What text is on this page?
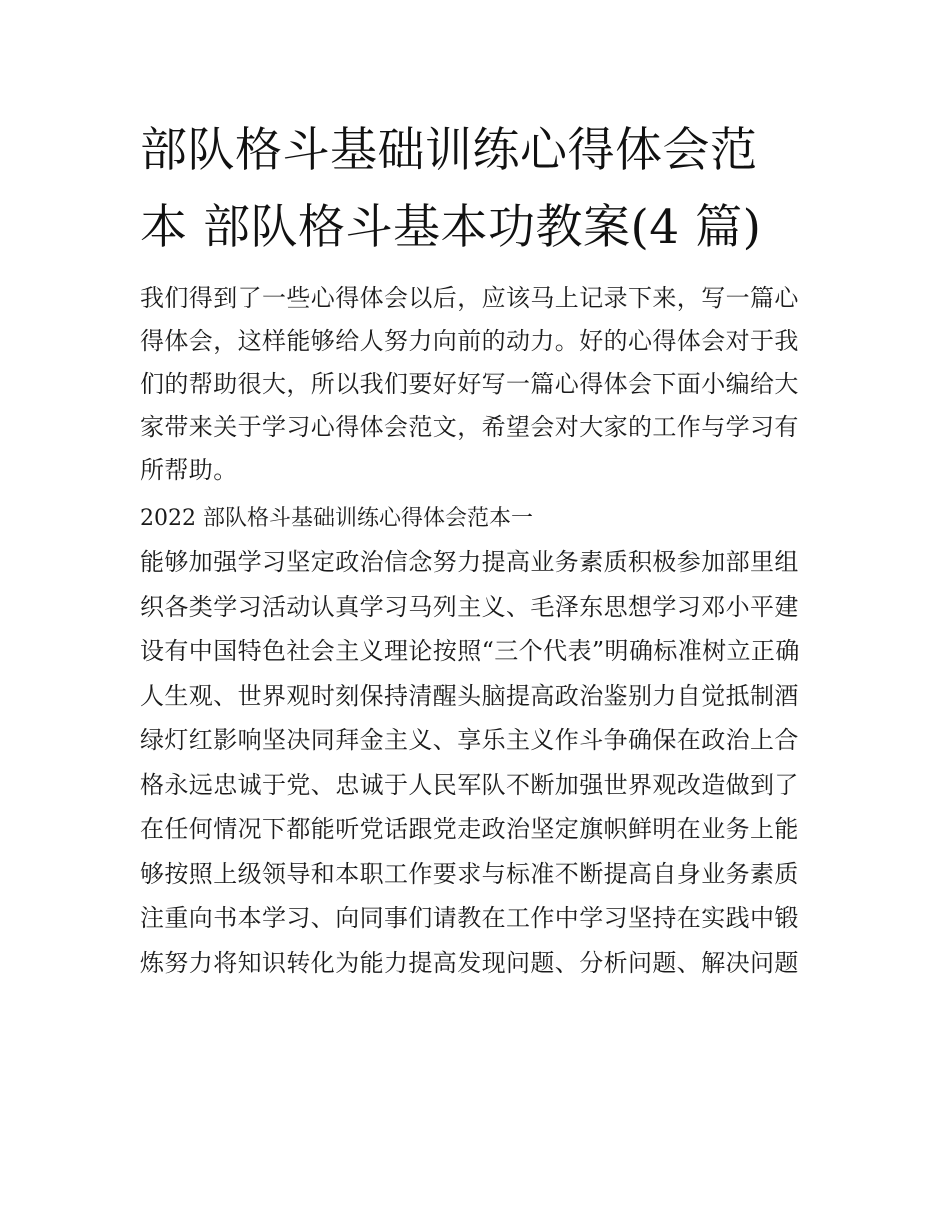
部队格斗基础训练心得体会范
本 部队格斗基本功教案(4 篇)
我们得到了一些心得体会以后，应该马上记录下来，写一篇心
得体会，这样能够给人努力向前的动力。好的心得体会对于我
们的帮助很大，所以我们要好好写一篇心得体会下面小编给大
家带来关于学习心得体会范文，希望会对大家的工作与学习有
所帮助。
2022 部队格斗基础训练心得体会范本一
能够加强学习坚定政治信念努力提高业务素质积极参加部里组
织各类学习活动认真学习马列主义、毛泽东思想学习邓小平建
设有中国特色社会主义理论按照“三个代表”明确标准树立正确
人生观、世界观时刻保持清醒头脑提高政治鉴别力自觉抵制酒
绿灯红影响坚决同拜金主义、享乐主义作斗争确保在政治上合
格永远忠诚于党、忠诚于人民军队不断加强世界观改造做到了
在任何情况下都能听党话跟党走政治坚定旗帜鲜明在业务上能
够按照上级领导和本职工作要求与标准不断提高自身业务素质
注重向书本学习、向同事们请教在工作中学习坚持在实践中锻
炼努力将知识转化为能力提高发现问题、分析问题、解决问题
